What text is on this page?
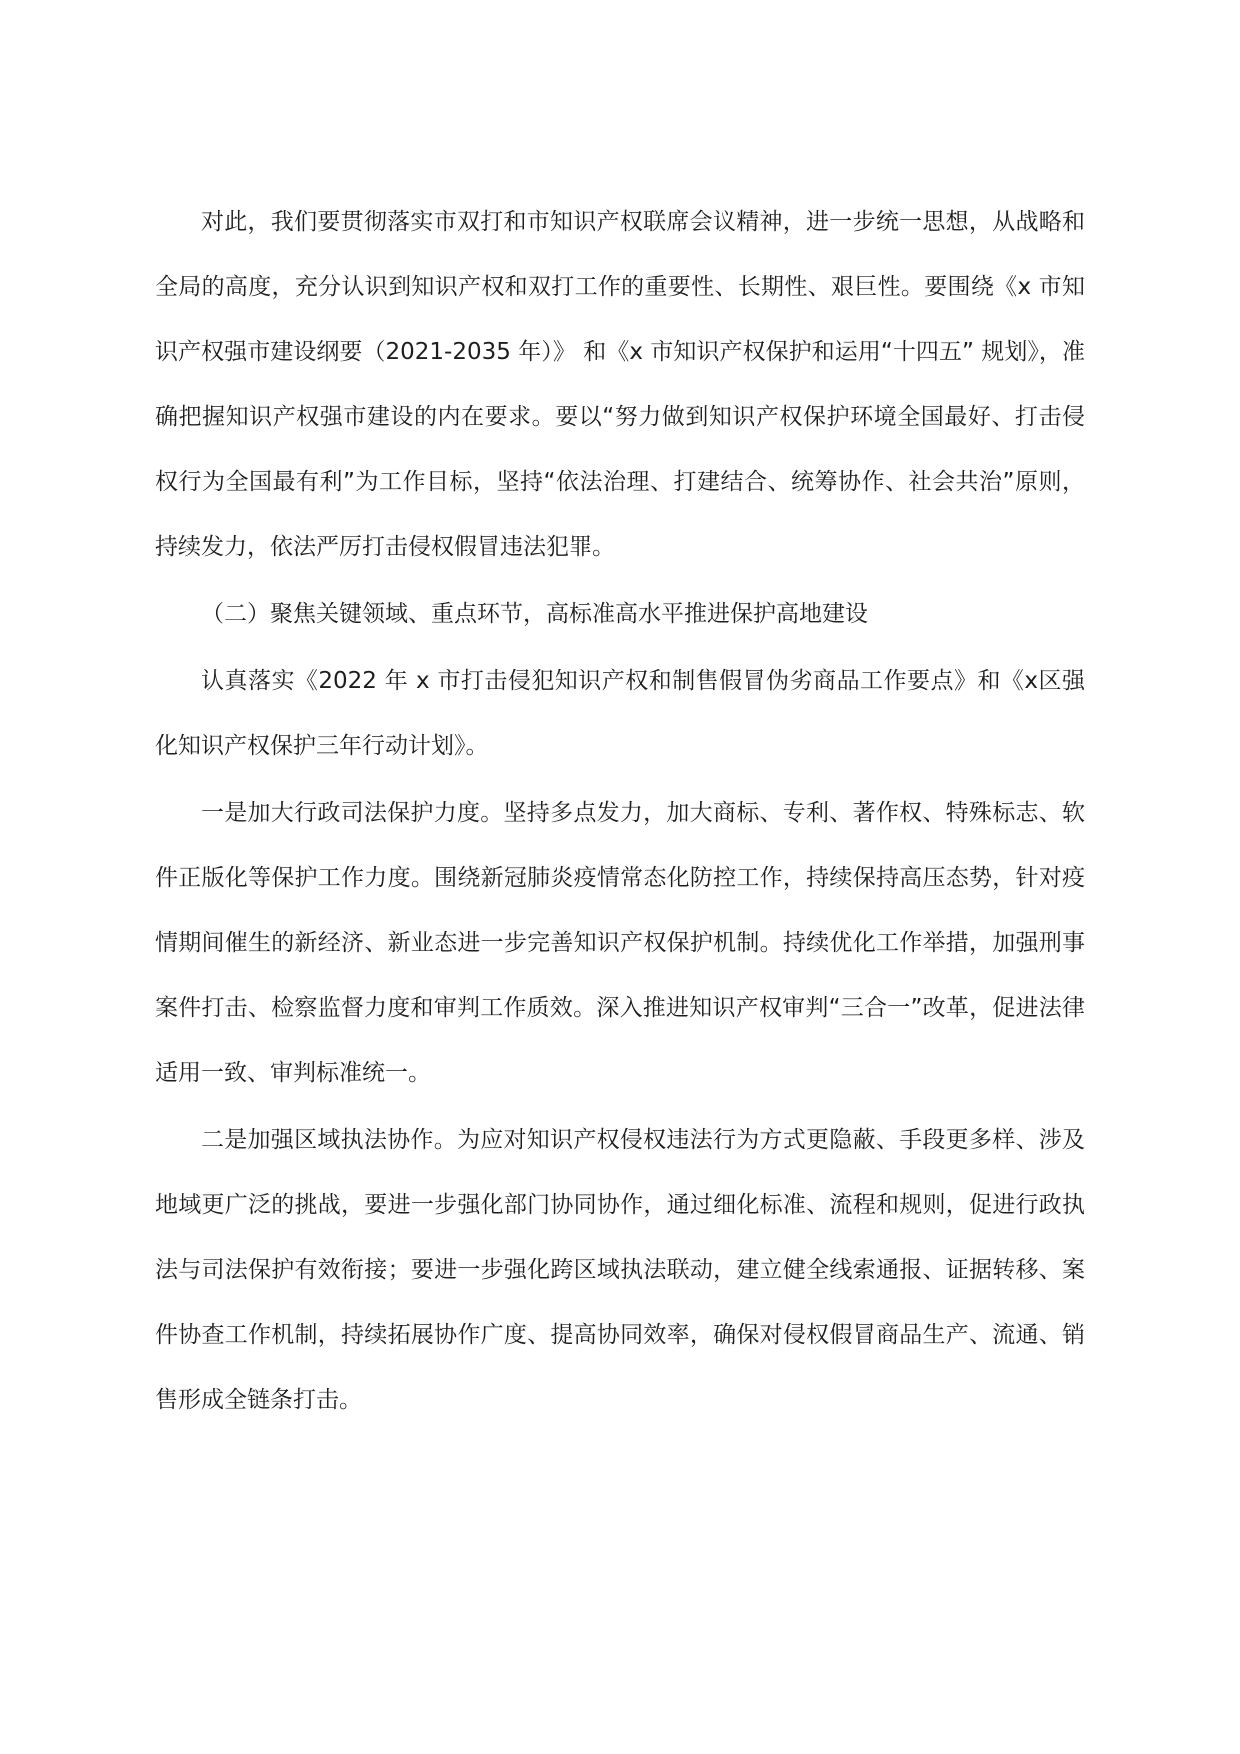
对此，我们要贯彻落实市双打和市知识产权联席会议精神，进一步统一思想，从战略和全局的高度，充分认识到知识产权和双打工作的重要性、长期性、艰巨性。要围绕《x 市知识产权强市建设纲要（2021-2035 年）》 和《x 市知识产权保护和运用“十四五” 规划》，准确把握知识产权强市建设的内在要求。要以“努力做到知识产权保护环境全国最好、打击侵权行为全国最有利”为工作目标，坚持“依法治理、打建结合、统筹协作、社会共治”原则，持续发力，依法严厉打击侵权假冒违法犯罪。

（二）聚焦关键领域、重点环节，高标准高水平推进保护高地建设

认真落实《2022 年 x 市打击侵犯知识产权和制售假冒伪劣商品工作要点》和《x区强化知识产权保护三年行动计划》。

一是加大行政司法保护力度。坚持多点发力，加大商标、专利、著作权、特殊标志、软件正版化等保护工作力度。围绕新冠肺炎疫情常态化防控工作，持续保持高压态势，针对疫情期间催生的新经济、新业态进一步完善知识产权保护机制。持续优化工作举措，加强刑事案件打击、检察监督力度和审判工作质效。深入推进知识产权审判“三合一”改革，促进法律适用一致、审判标准统一。

二是加强区域执法协作。为应对知识产权侵权违法行为方式更隐蔽、手段更多样、涉及地域更广泛的挑战，要进一步强化部门协同协作，通过细化标准、流程和规则，促进行政执法与司法保护有效衔接；要进一步强化跨区域执法联动，建立健全线索通报、证据转移、案件协查工作机制，持续拓展协作广度、提高协同效率，确保对侵权假冒商品生产、流通、销售形成全链条打击。
